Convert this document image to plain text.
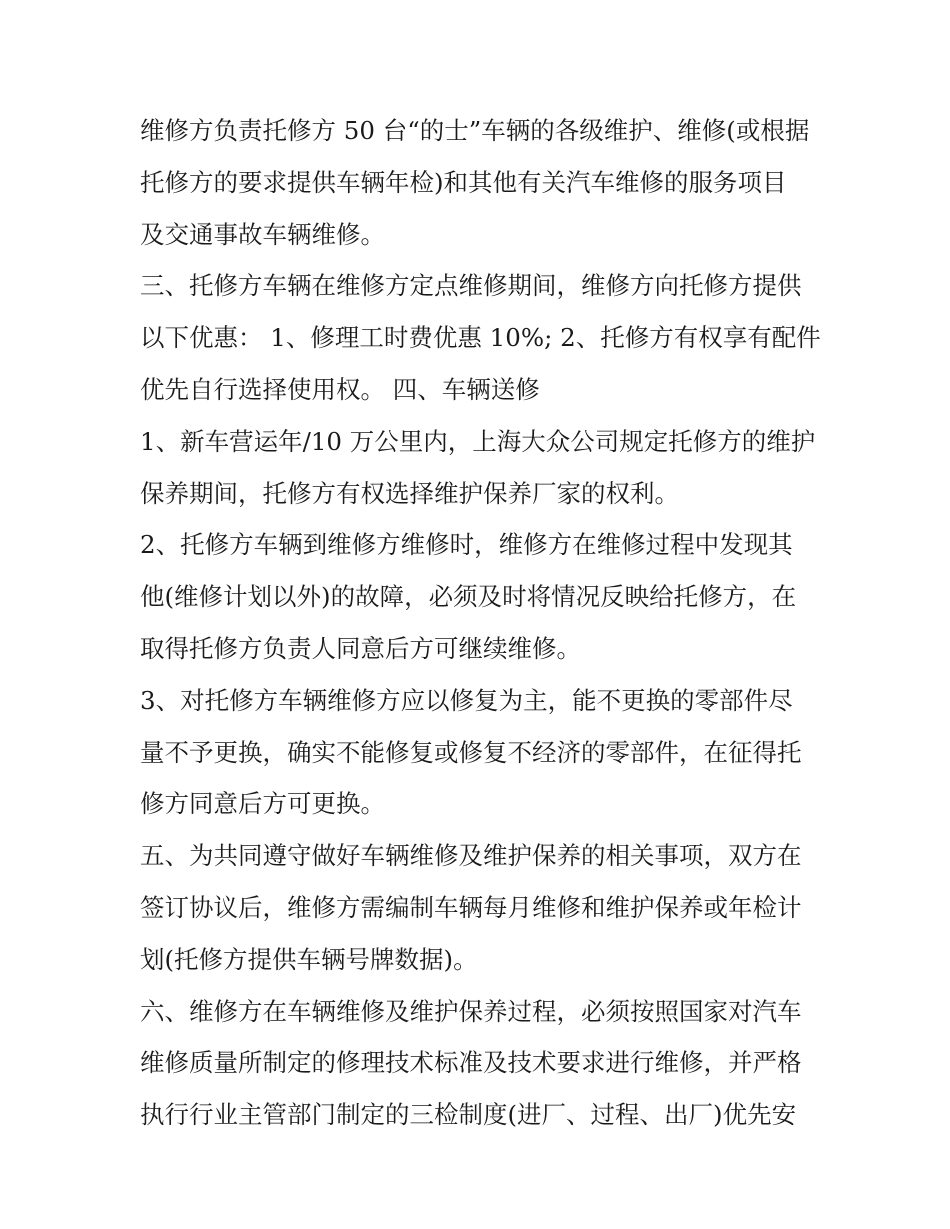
维修方负责托修方 50 台“的士”车辆的各级维护、维修(或根据
托修方的要求提供车辆年检)和其他有关汽车维修的服务项目
及交通事故车辆维修。
三、托修方车辆在维修方定点维修期间，维修方向托修方提供
以下优惠： 1、修理工时费优惠 10%; 2、托修方有权享有配件
优先自行选择使用权。 四、车辆送修
1、新车营运年/10 万公里内，上海大众公司规定托修方的维护
保养期间，托修方有权选择维护保养厂家的权利。
2、托修方车辆到维修方维修时，维修方在维修过程中发现其
他(维修计划以外)的故障，必须及时将情况反映给托修方，在
取得托修方负责人同意后方可继续维修。
3、对托修方车辆维修方应以修复为主，能不更换的零部件尽
量不予更换，确实不能修复或修复不经济的零部件，在征得托
修方同意后方可更换。
五、为共同遵守做好车辆维修及维护保养的相关事项，双方在
签订协议后，维修方需编制车辆每月维修和维护保养或年检计
划(托修方提供车辆号牌数据)。
六、维修方在车辆维修及维护保养过程，必须按照国家对汽车
维修质量所制定的修理技术标准及技术要求进行维修，并严格
执行行业主管部门制定的三检制度(进厂、过程、出厂)优先安
